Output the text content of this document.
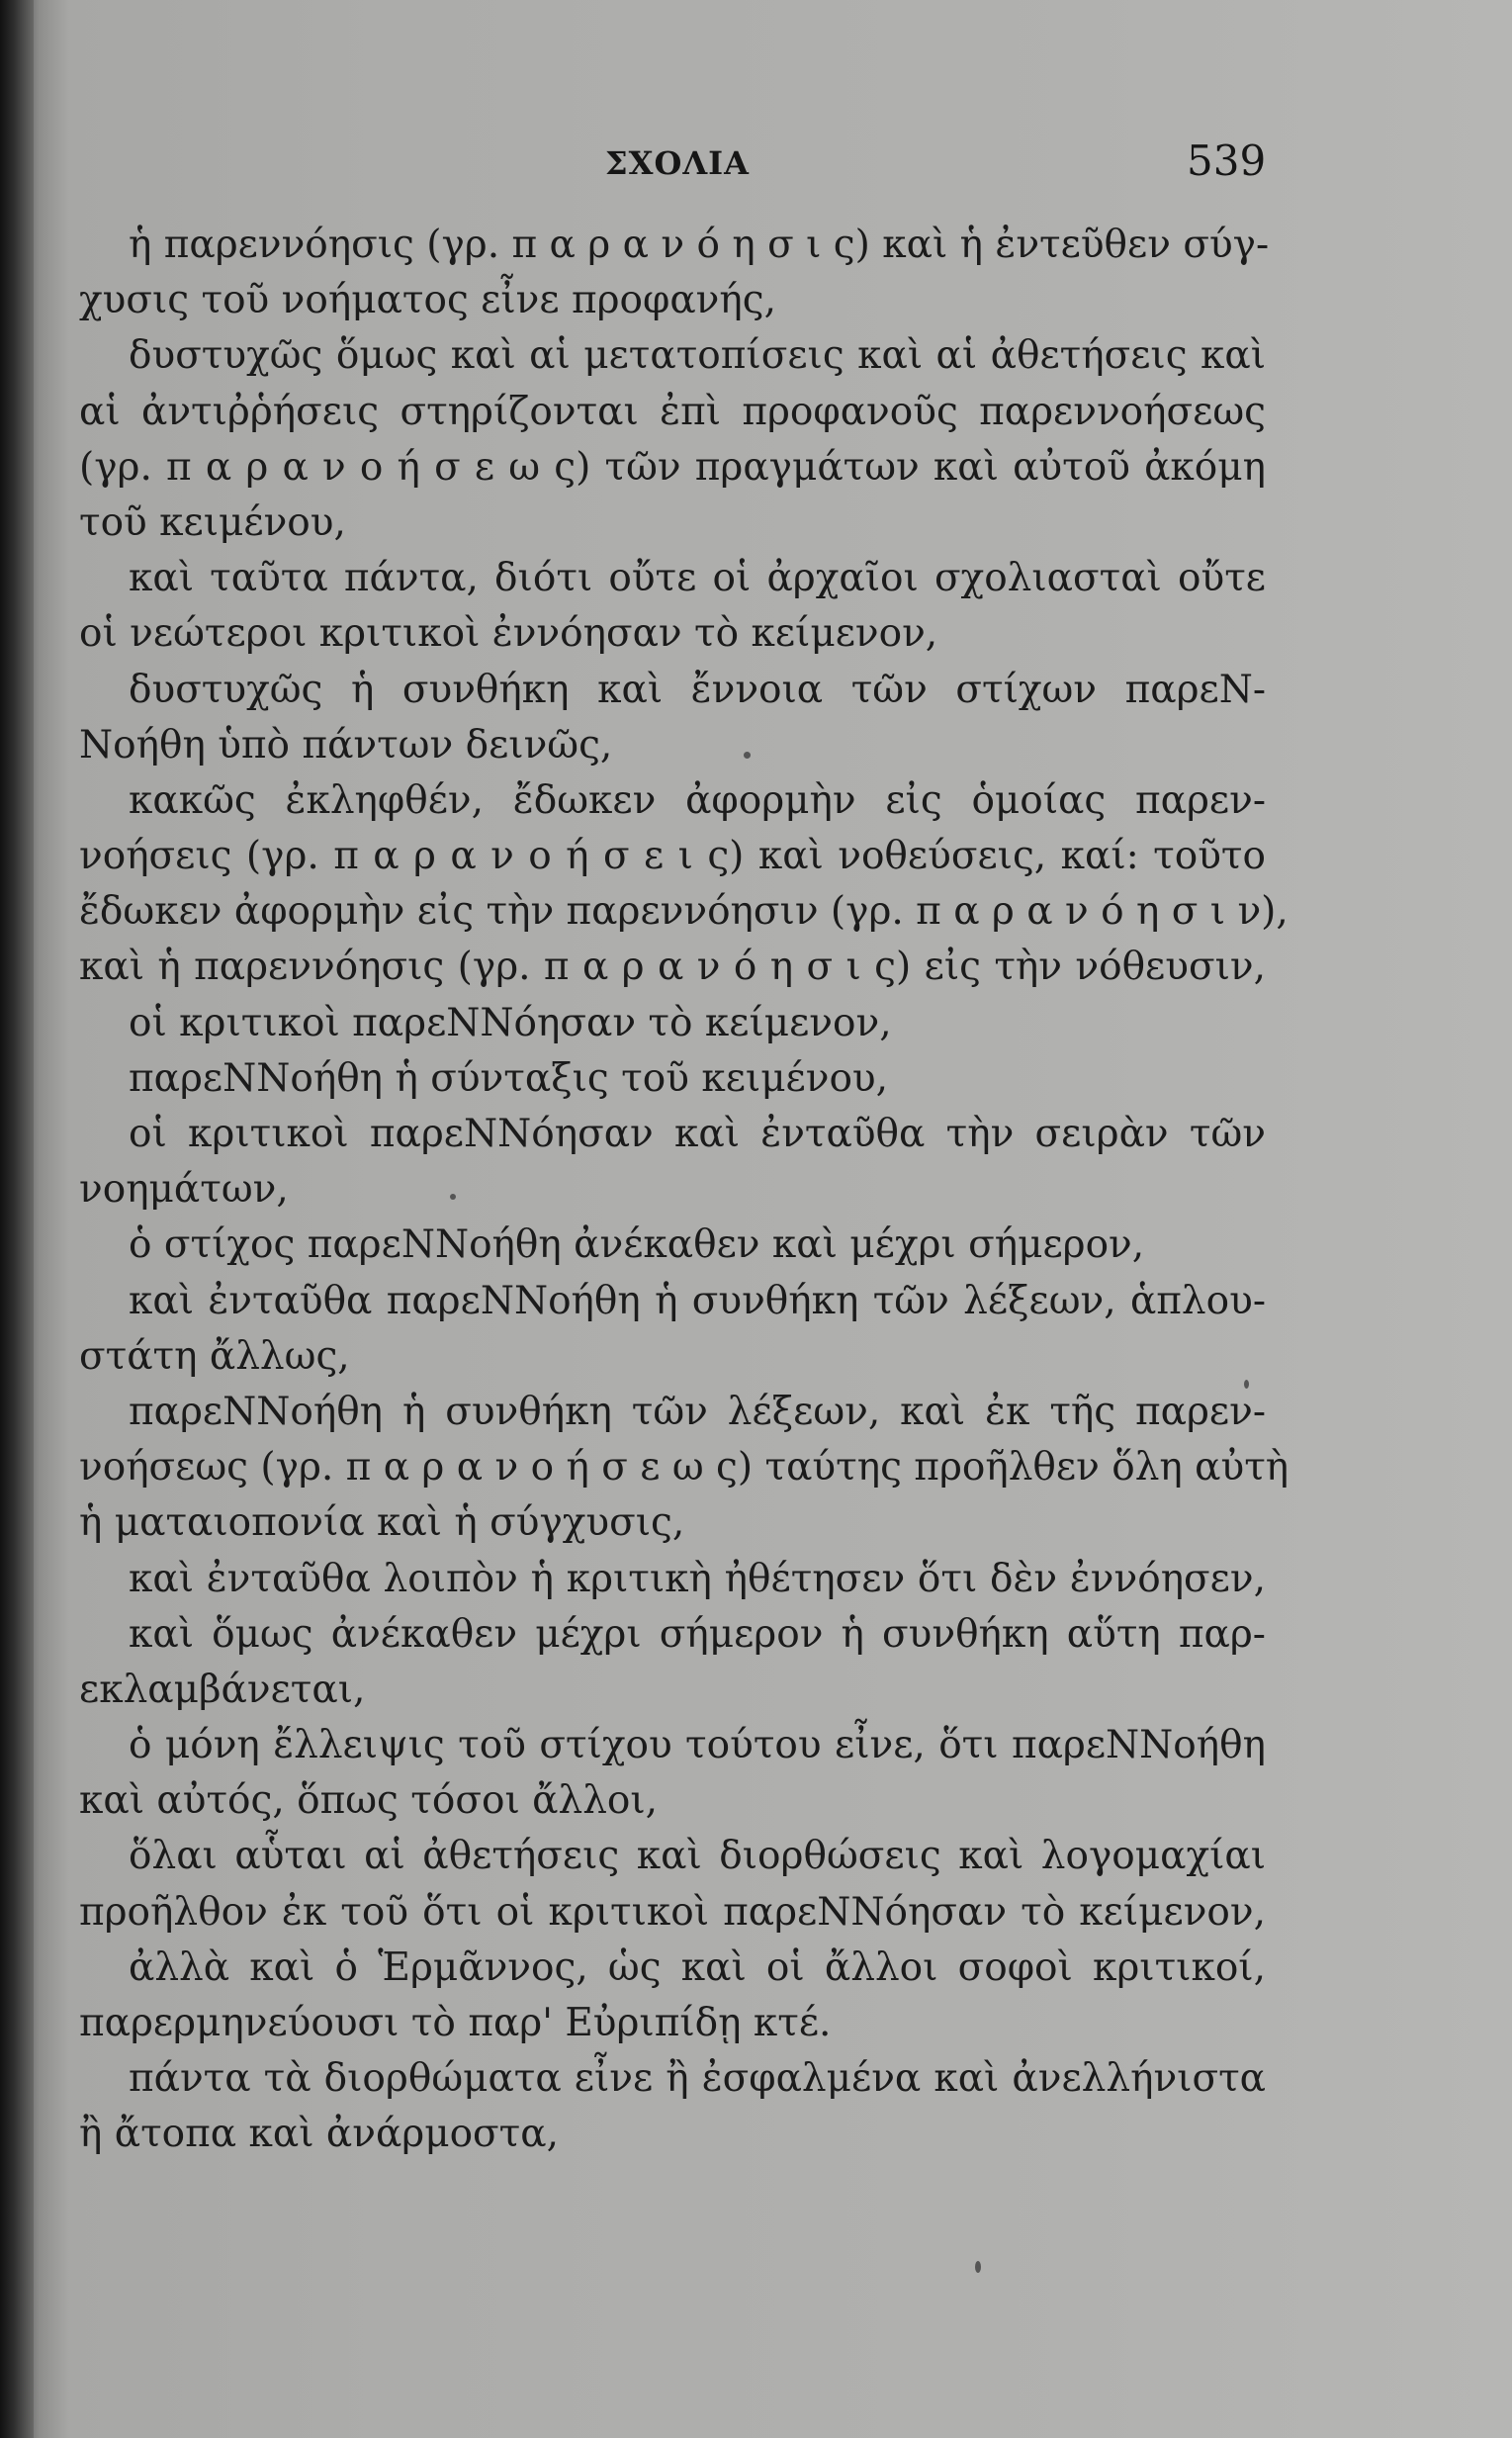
ΣΧΟΛΙΑ	539
ἡ παρεννόησις (γρ. π α ρ α ν ό η σ ι ς) καὶ ἡ ἐντεῦθεν σύγ-
χυσις τοῦ νοήματος εἶνε προφανής,
δυστυχῶς ὅμως καὶ αἱ μετατοπίσεις καὶ αἱ ἀθετήσεις καὶ
αἱ ἀντιῤῥήσεις στηρίζονται ἐπὶ προφανοῦς παρεννοήσεως
(γρ. π α ρ α ν ο ή σ ε ω ς) τῶν πραγμάτων καὶ αὐτοῦ ἀκόμη
τοῦ κειμένου,
καὶ ταῦτα πάντα, διότι οὔτε οἱ ἀρχαῖοι σχολιασταὶ οὔτε
οἱ νεώτεροι κριτικοὶ ἐννόησαν τὸ κείμενον,
δυστυχῶς ἡ συνθήκη καὶ ἔννοια τῶν στίχων παρεΝ-
Νοήθη ὑπὸ πάντων δεινῶς,
κακῶς ἐκληφθέν, ἔδωκεν ἀφορμὴν εἰς ὁμοίας παρεν-
νοήσεις (γρ. π α ρ α ν ο ή σ ε ι ς) καὶ νοθεύσεις, καί: τοῦτο
ἔδωκεν ἀφορμὴν εἰς τὴν παρεννόησιν (γρ. π α ρ α ν ό η σ ι ν),
καὶ ἡ παρεννόησις (γρ. π α ρ α ν ό η σ ι ς) εἰς τὴν νόθευσιν,
οἱ κριτικοὶ παρεΝΝόησαν τὸ κείμενον,
παρεΝΝοήθη ἡ σύνταξις τοῦ κειμένου,
οἱ κριτικοὶ παρεΝΝόησαν καὶ ἐνταῦθα τὴν σειρὰν τῶν
νοημάτων,
ὁ στίχος παρεΝΝοήθη ἀνέκαθεν καὶ μέχρι σήμερον,
καὶ ἐνταῦθα παρεΝΝοήθη ἡ συνθήκη τῶν λέξεων, ἁπλου-
στάτη ἄλλως,
παρεΝΝοήθη ἡ συνθήκη τῶν λέξεων, καὶ ἐκ τῆς παρεν-
νοήσεως (γρ. π α ρ α ν ο ή σ ε ω ς) ταύτης προῆλθεν ὅλη αὐτὴ
ἡ ματαιοπονία καὶ ἡ σύγχυσις,
καὶ ἐνταῦθα λοιπὸν ἡ κριτικὴ ἠθέτησεν ὅτι δὲν ἐννόησεν,
καὶ ὅμως ἀνέκαθεν μέχρι σήμερον ἡ συνθήκη αὕτη παρ-
εκλαμβάνεται,
ὁ μόνη ἔλλειψις τοῦ στίχου τούτου εἶνε, ὅτι παρεΝΝοήθη
καὶ αὐτός, ὅπως τόσοι ἄλλοι,
ὅλαι αὗται αἱ ἀθετήσεις καὶ διορθώσεις καὶ λογομαχίαι
προῆλθον ἐκ τοῦ ὅτι οἱ κριτικοὶ παρεΝΝόησαν τὸ κείμενον,
ἀλλὰ καὶ ὁ Ἑρμᾶννος, ὡς καὶ οἱ ἄλλοι σοφοὶ κριτικοί,
παρερμηνεύουσι τὸ παρ' Εὐριπίδῃ κτέ.
πάντα τὰ διορθώματα εἶνε ἢ ἐσφαλμένα καὶ ἀνελλήνιστα
ἢ ἄτοπα καὶ ἀνάρμοστα,
